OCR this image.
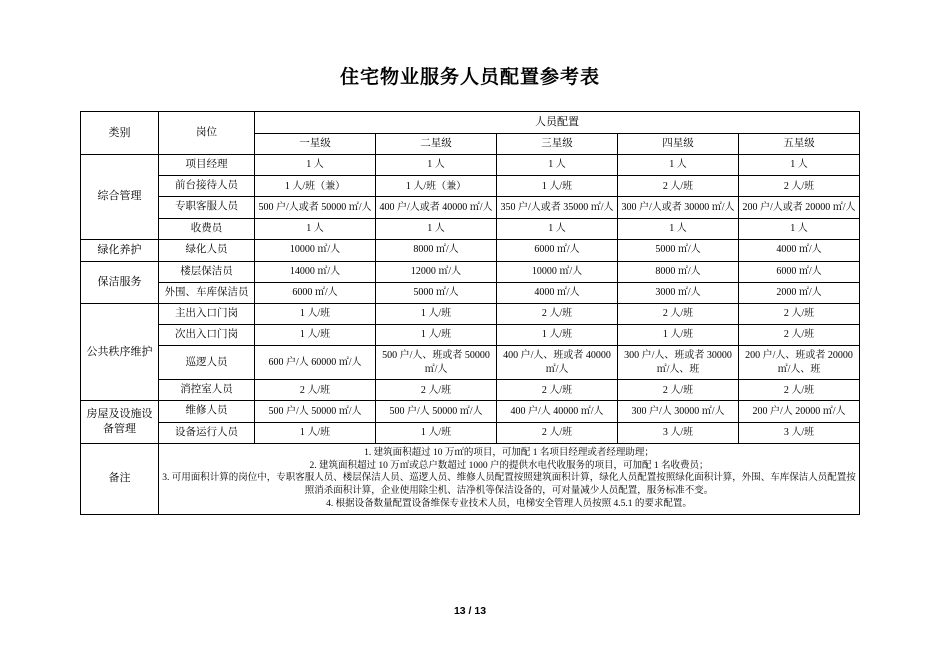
住宅物业服务人员配置参考表
类别	岗位	人员配置				
		一星级	二星级	三星级	四星级	五星级
综合管理	项目经理	1 人	1 人	1 人	1 人	1 人
	前台接待人员	1 人/班（兼）	1 人/班（兼）	1 人/班	2 人/班	2 人/班
	专职客服人员	500 户/人或者 50000 ㎡/人	400 户/人或者 40000 ㎡/人	350 户/人或者 35000 ㎡/人	300 户/人或者 30000 ㎡/人	200 户/人或者 20000 ㎡/人
	收费员	1 人	1 人	1 人	1 人	1 人
绿化养护	绿化人员	10000 ㎡/人	8000 ㎡/人	6000 ㎡/人	5000 ㎡/人	4000 ㎡/人
保洁服务	楼层保洁员	14000 ㎡/人	12000 ㎡/人	10000 ㎡/人	8000 ㎡/人	6000 ㎡/人
	外围、车库保洁员	6000 ㎡/人	5000 ㎡/人	4000 ㎡/人	3000 ㎡/人	2000 ㎡/人
公共秩序维护	主出入口门岗	1 人/班	1 人/班	2 人/班	2 人/班	2 人/班
	次出入口门岗	1 人/班	1 人/班	1 人/班	1 人/班	2 人/班
	巡逻人员	600 户/人 60000 ㎡/人	500 户/人、班或者 50000 ㎡/人	400 户/人、班或者 40000 ㎡/人	300 户/人、班或者 30000 ㎡/人、班	200 户/人、班或者 20000 ㎡/人、班
	消控室人员	2 人/班	2 人/班	2 人/班	2 人/班	2 人/班
房屋及设施设备管理	维修人员	500 户/人 50000 ㎡/人	500 户/人 50000 ㎡/人	400 户/人 40000 ㎡/人	300 户/人 30000 ㎡/人	200 户/人 20000 ㎡/人
	设备运行人员	1 人/班	1 人/班	2 人/班	3 人/班	3 人/班
备注	1. 建筑面积超过 10 万㎡的项目，可加配 1 名项目经理或者经理助理；
2. 建筑面积超过 10 万㎡或总户数超过 1000 户的提供水电代收服务的项目，可加配 1 名收费员；
3. 可用面积计算的岗位中，专职客服人员、楼层保洁人员、巡逻人员、维修人员配置按照建筑面积计算，绿化人员配置按照绿化面积计算，外围、车库保洁人员配置按照消杀面积计算，企业使用除尘机、洁净机等保洁设备的，可对量减少人员配置，服务标准不变。
4. 根据设备数量配置设备维保专业技术人员，电梯安全管理人员按照 4.5.1 的要求配置。					
13 / 13
